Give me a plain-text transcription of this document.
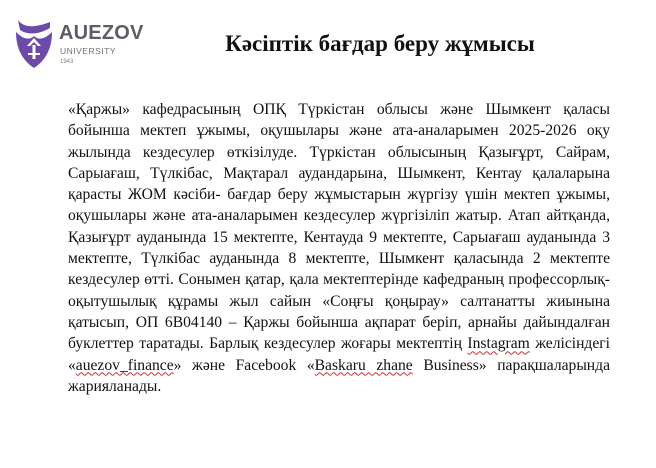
AUEZOV
UNIVERSITY
1943
Кәсіптік бағдар беру жұмысы

«Қаржы» кафедрасының ОПҚ Түркістан облысы және Шымкент қаласы бойынша мектеп ұжымы, оқушылары және ата-аналарымен 2025-2026 оқу жылында кездесулер өткізілуде. Түркістан облысының Қазығұрт, Сайрам, Сарыағаш, Түлкібас, Мақтарал аудандарына, Шымкент, Кентау қалаларына қарасты ЖОМ кәсіби- бағдар беру жұмыстарын жүргізу үшін мектеп ұжымы, оқушылары және ата-аналарымен кездесулер жүргізіліп жатыр. Атап айтқанда, Қазығұрт ауданында 15 мектепте, Кентауда 9 мектепте, Сарыағаш ауданында 3 мектепте, Түлкібас ауданында 8 мектепте, Шымкент қаласында 2 мектепте кездесулер өтті. Сонымен қатар, қала мектептерінде кафедраның профессорлық-оқытушылық құрамы жыл сайын «Соңғы қоңырау» салтанатты жиынына қатысып, ОП 6В04140 – Қаржы бойынша ақпарат беріп, арнайы дайындалған буклеттер таратады. Барлық кездесулер жоғары мектептің Instagram желісіндегі «auezov_finance» және Facebook «Baskaru zhane Business» парақшаларында жарияланады.
